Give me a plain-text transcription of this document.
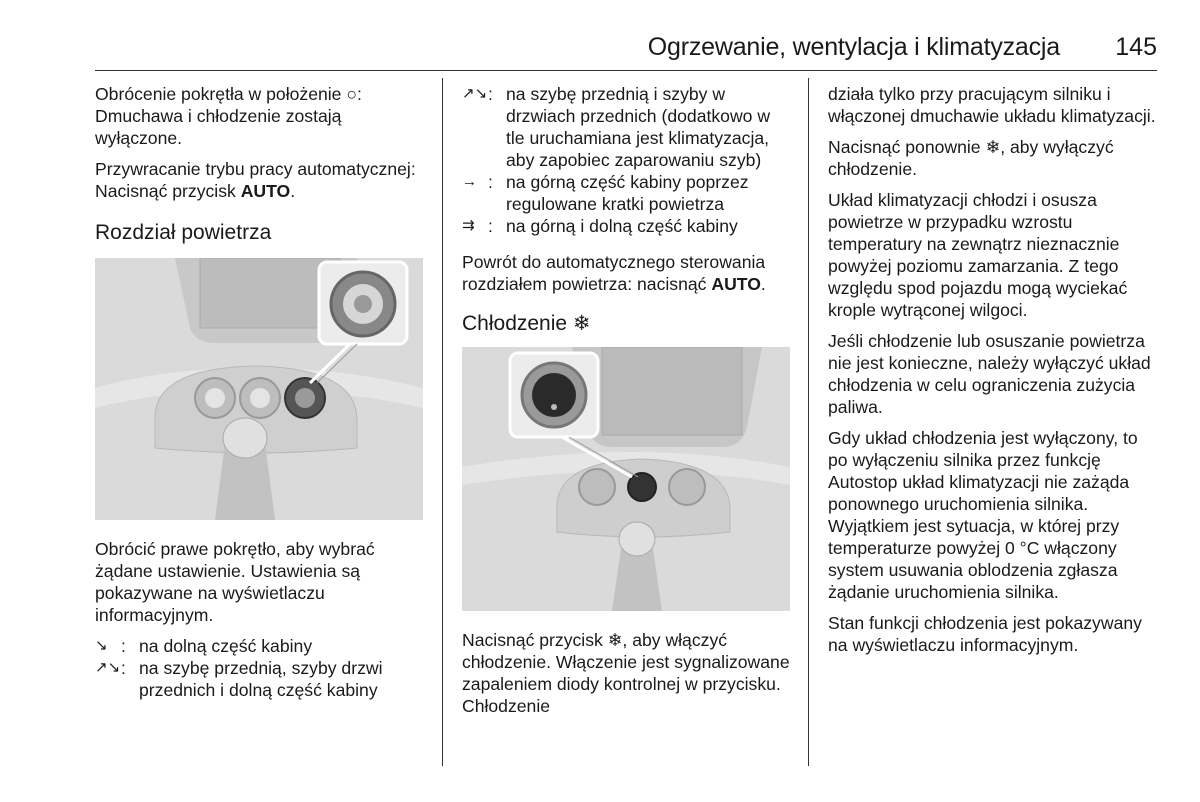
Ogrzewanie, wentylacja i klimatyzacja 145

Obrócenie pokrętła w położenie ○: Dmuchawa i chłodzenie zostają wyłączone.

Przywracanie trybu pracy automatycznej: Nacisnąć przycisk AUTO.

Rozdział powietrza

Obrócić prawe pokrętło, aby wybrać żądane ustawienie. Ustawienia są pokazywane na wyświetlaczu informacyjnym.

↘ : na dolną część kabiny
↗↘ : na szybę przednią, szyby drzwi przednich i dolną część kabiny
↗↘ : na szybę przednią i szyby w drzwiach przednich (dodatkowo w tle uruchamiana jest klimatyzacja, aby zapobiec zaparowaniu szyb)
→ : na górną część kabiny poprzez regulowane kratki powietrza
⇉ : na górną i dolną część kabiny

Powrót do automatycznego sterowania rozdziałem powietrza: nacisnąć AUTO.

Chłodzenie ❄

Nacisnąć przycisk ❄, aby włączyć chłodzenie. Włączenie jest sygnalizowane zapaleniem diody kontrolnej w przycisku. Chłodzenie

działa tylko przy pracującym silniku i włączonej dmuchawie układu klimatyzacji.

Nacisnąć ponownie ❄, aby wyłączyć chłodzenie.

Układ klimatyzacji chłodzi i osusza powietrze w przypadku wzrostu temperatury na zewnątrz nieznacznie powyżej poziomu zamarzania. Z tego względu spod pojazdu mogą wyciekać krople wytrąconej wilgoci.

Jeśli chłodzenie lub osuszanie powietrza nie jest konieczne, należy wyłączyć układ chłodzenia w celu ograniczenia zużycia paliwa.

Gdy układ chłodzenia jest wyłączony, to po wyłączeniu silnika przez funkcję Autostop układ klimatyzacji nie zażąda ponownego uruchomienia silnika. Wyjątkiem jest sytuacja, w której przy temperaturze powyżej 0 °C włączony system usuwania oblodzenia zgłasza żądanie uruchomienia silnika.

Stan funkcji chłodzenia jest pokazywany na wyświetlaczu informacyjnym.
